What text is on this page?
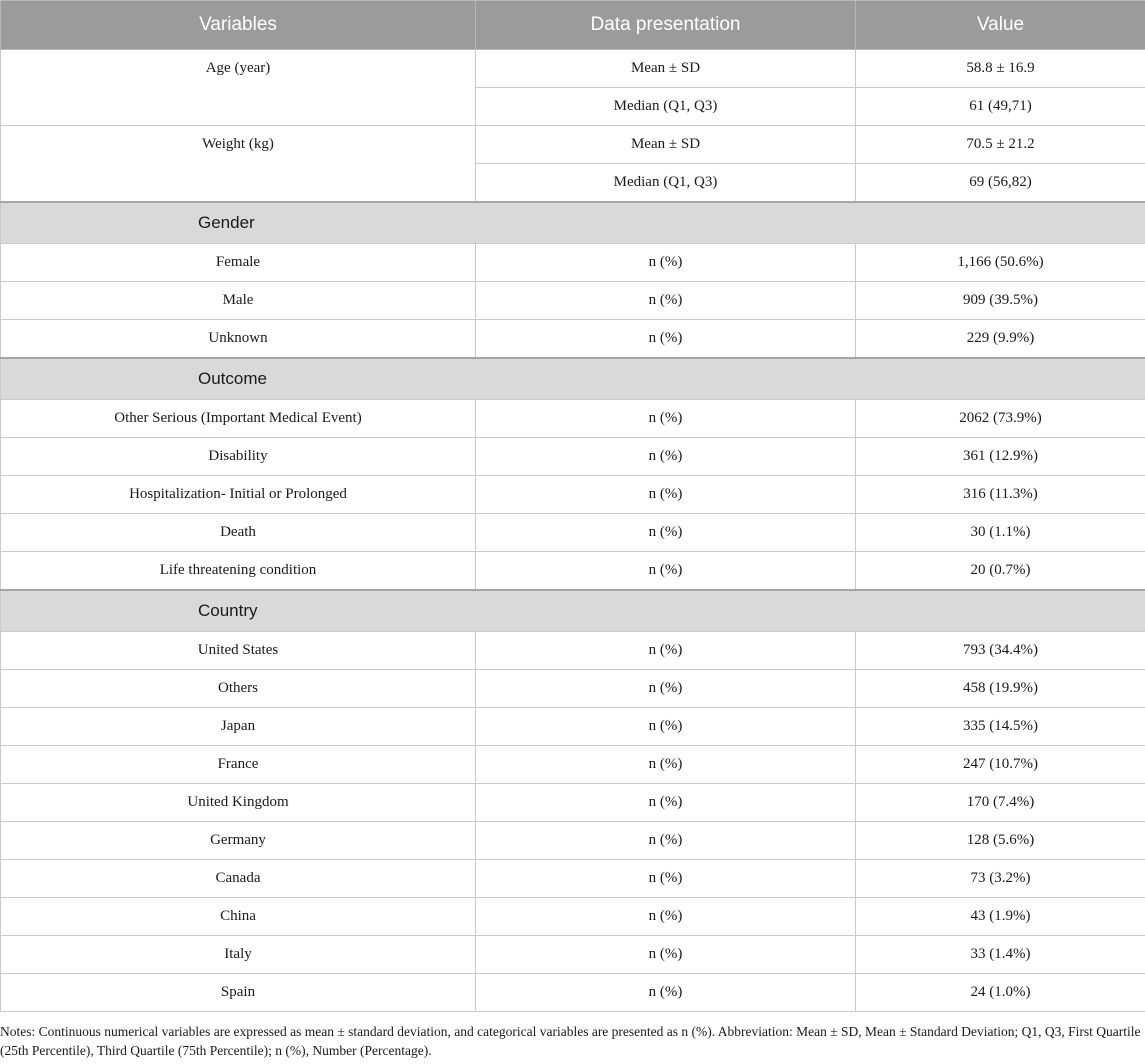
Variables	Data presentation	Value
Age (year)	Mean ± SD	58.8 ± 16.9
	Median (Q1, Q3)	61 (49,71)
Weight (kg)	Mean ± SD	70.5 ± 21.2
	Median (Q1, Q3)	69 (56,82)
Gender		
Female	n (%)	1,166 (50.6%)
Male	n (%)	909 (39.5%)
Unknown	n (%)	229 (9.9%)
Outcome		
Other Serious (Important Medical Event)	n (%)	2062 (73.9%)
Disability	n (%)	361 (12.9%)
Hospitalization- Initial or Prolonged	n (%)	316 (11.3%)
Death	n (%)	30 (1.1%)
Life threatening condition	n (%)	20 (0.7%)
Country		
United States	n (%)	793 (34.4%)
Others	n (%)	458 (19.9%)
Japan	n (%)	335 (14.5%)
France	n (%)	247 (10.7%)
United Kingdom	n (%)	170 (7.4%)
Germany	n (%)	128 (5.6%)
Canada	n (%)	73 (3.2%)
China	n (%)	43 (1.9%)
Italy	n (%)	33 (1.4%)
Spain	n (%)	24 (1.0%)
Notes: Continuous numerical variables are expressed as mean ± standard deviation, and categorical variables are presented as n (%). Abbreviation: Mean ± SD, Mean ± Standard Deviation; Q1, Q3, First Quartile (25th Percentile), Third Quartile (75th Percentile); n (%), Number (Percentage).
